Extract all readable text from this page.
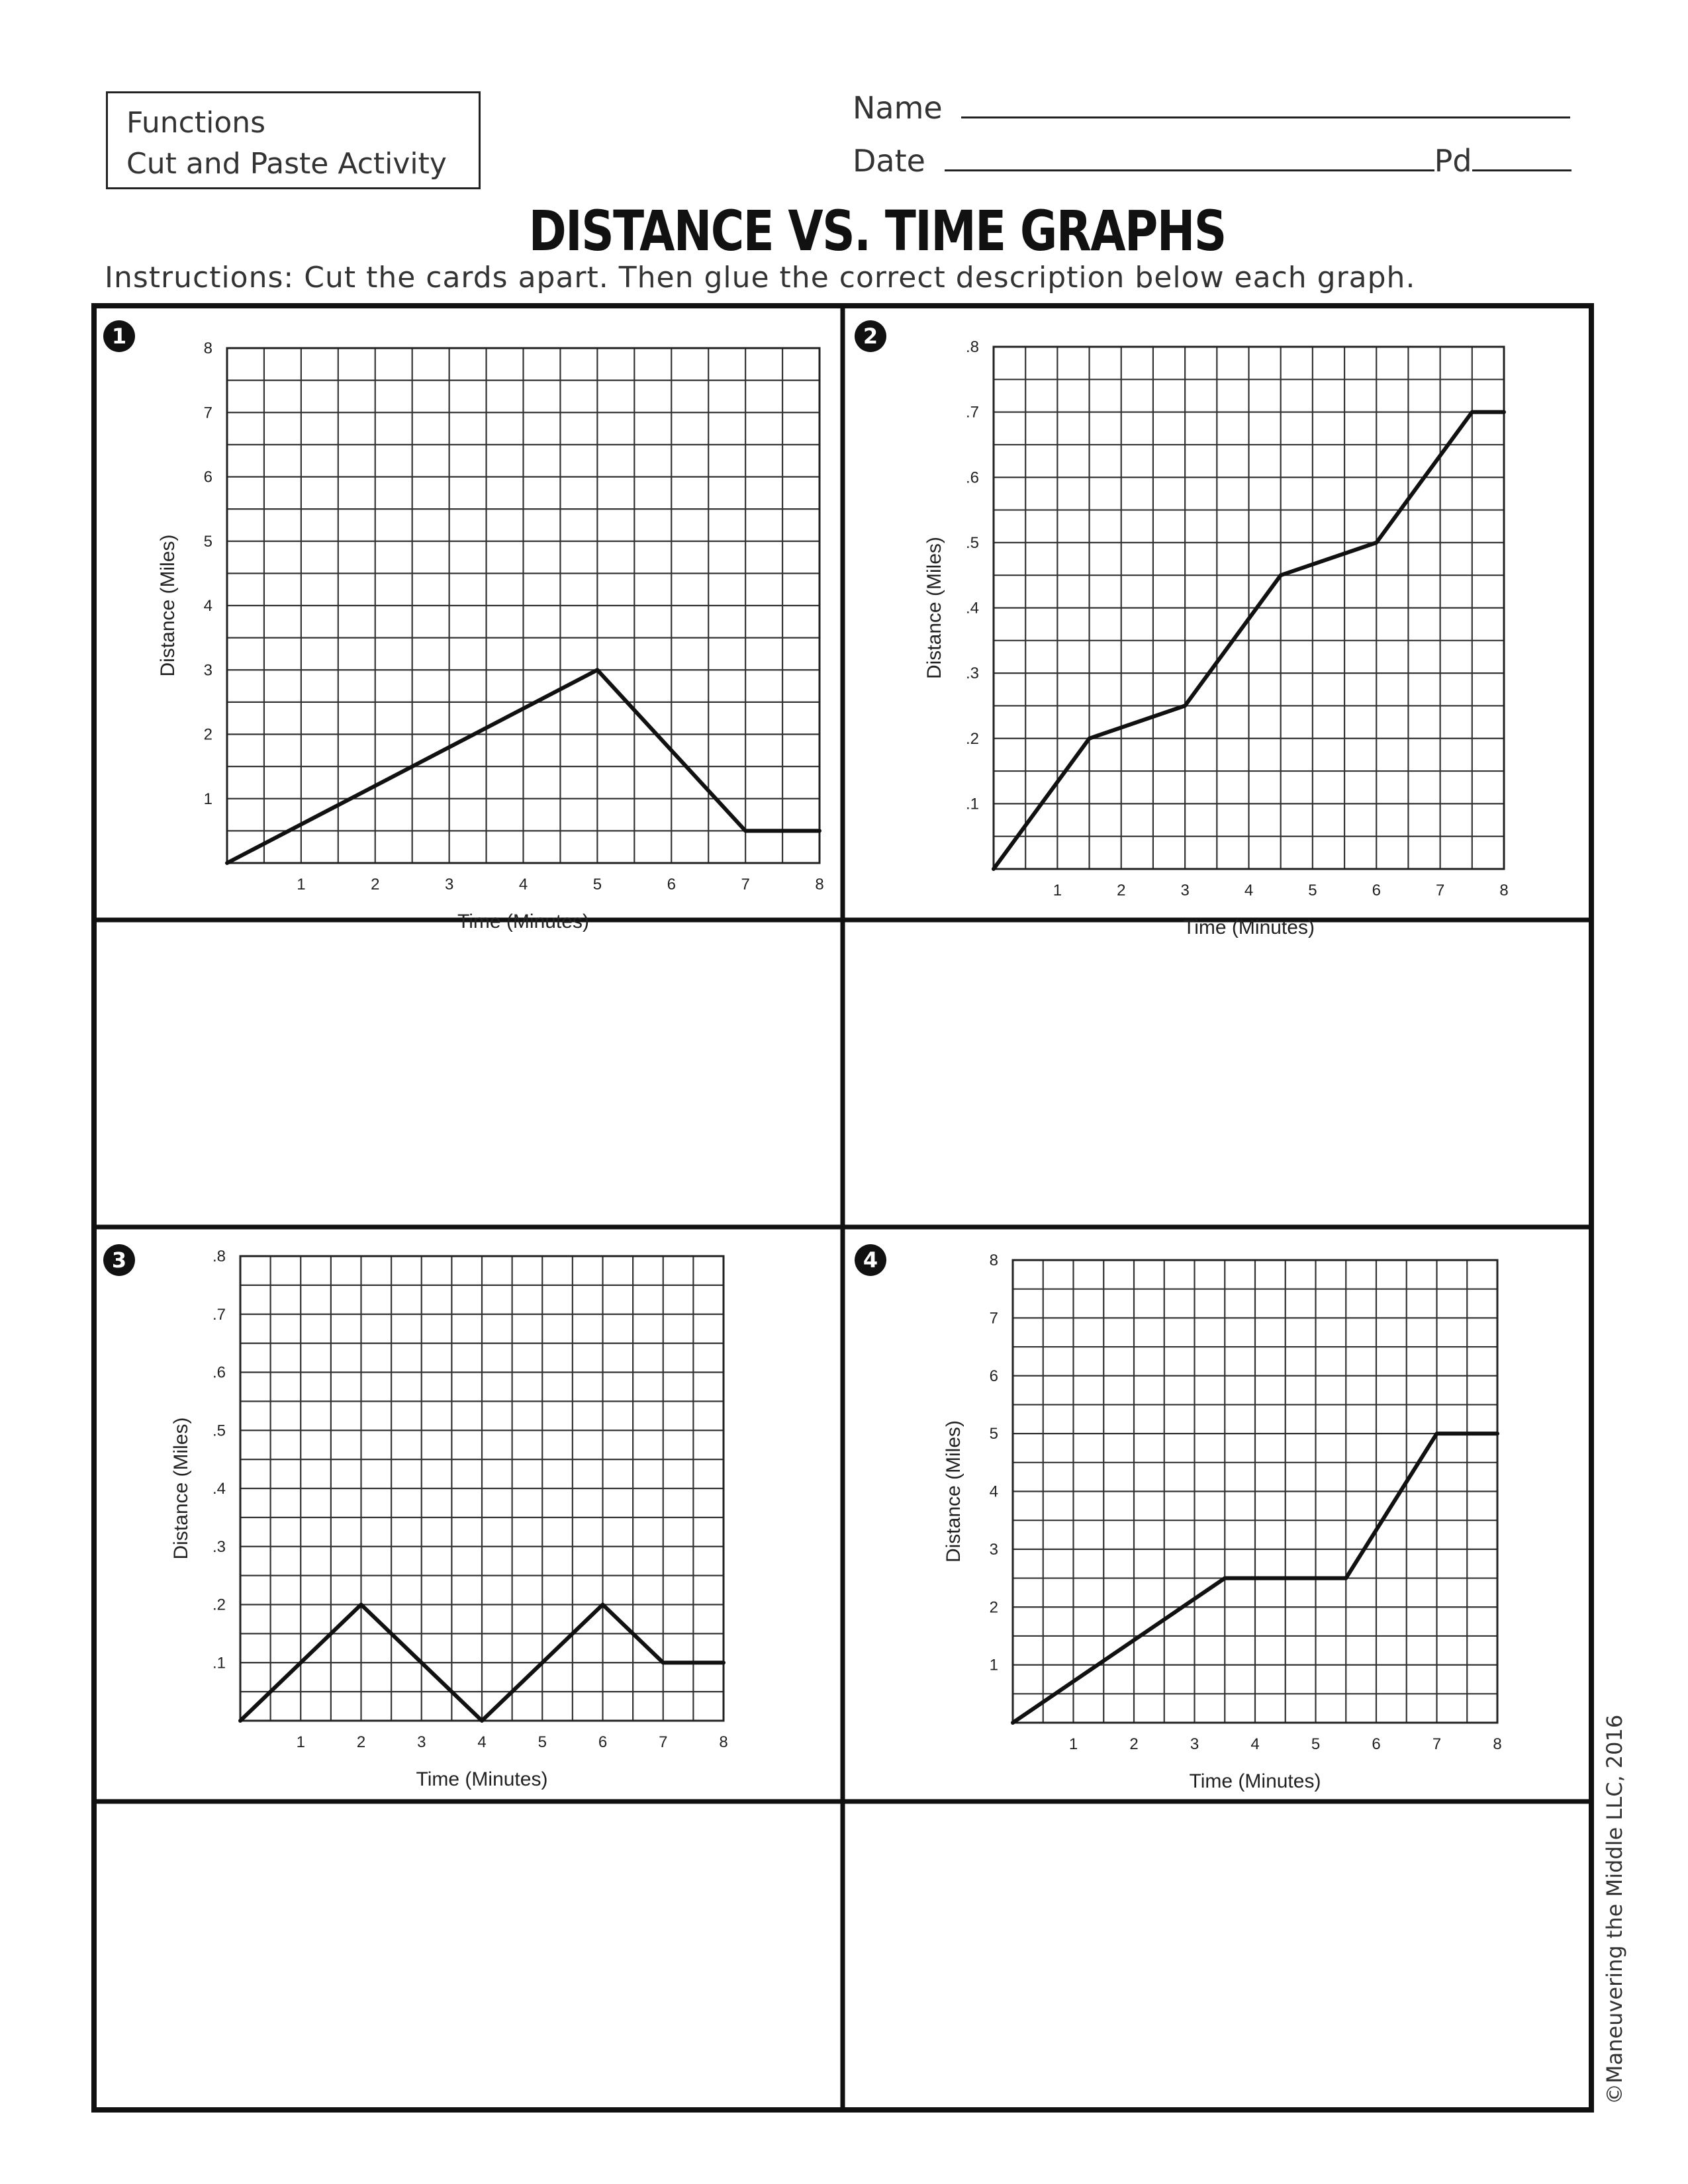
Functions
Cut and Paste Activity
Name
Date	Pd
DISTANCE VS. TIME GRAPHS
Instructions: Cut the cards apart. Then glue the correct description below each graph.
1
1	2	3	4	5	6	7	8
1
2
3
4
5
6
7
8
Time (Minutes)
Distance (Miles)
2
1	2	3	4	5	6	7	8
.1
.2
.3
.4
.5
.6
.7
.8
Time (Minutes)
Distance (Miles)
3
1	2	3	4	5	6	7	8
.1
.2
.3
.4
.5
.6
.7
.8
Time (Minutes)
Distance (Miles)
4
1	2	3	4	5	6	7	8
1
2
3
4
5
6
7
8
Time (Minutes)
Distance (Miles)
©Maneuvering the Middle LLC, 2016
